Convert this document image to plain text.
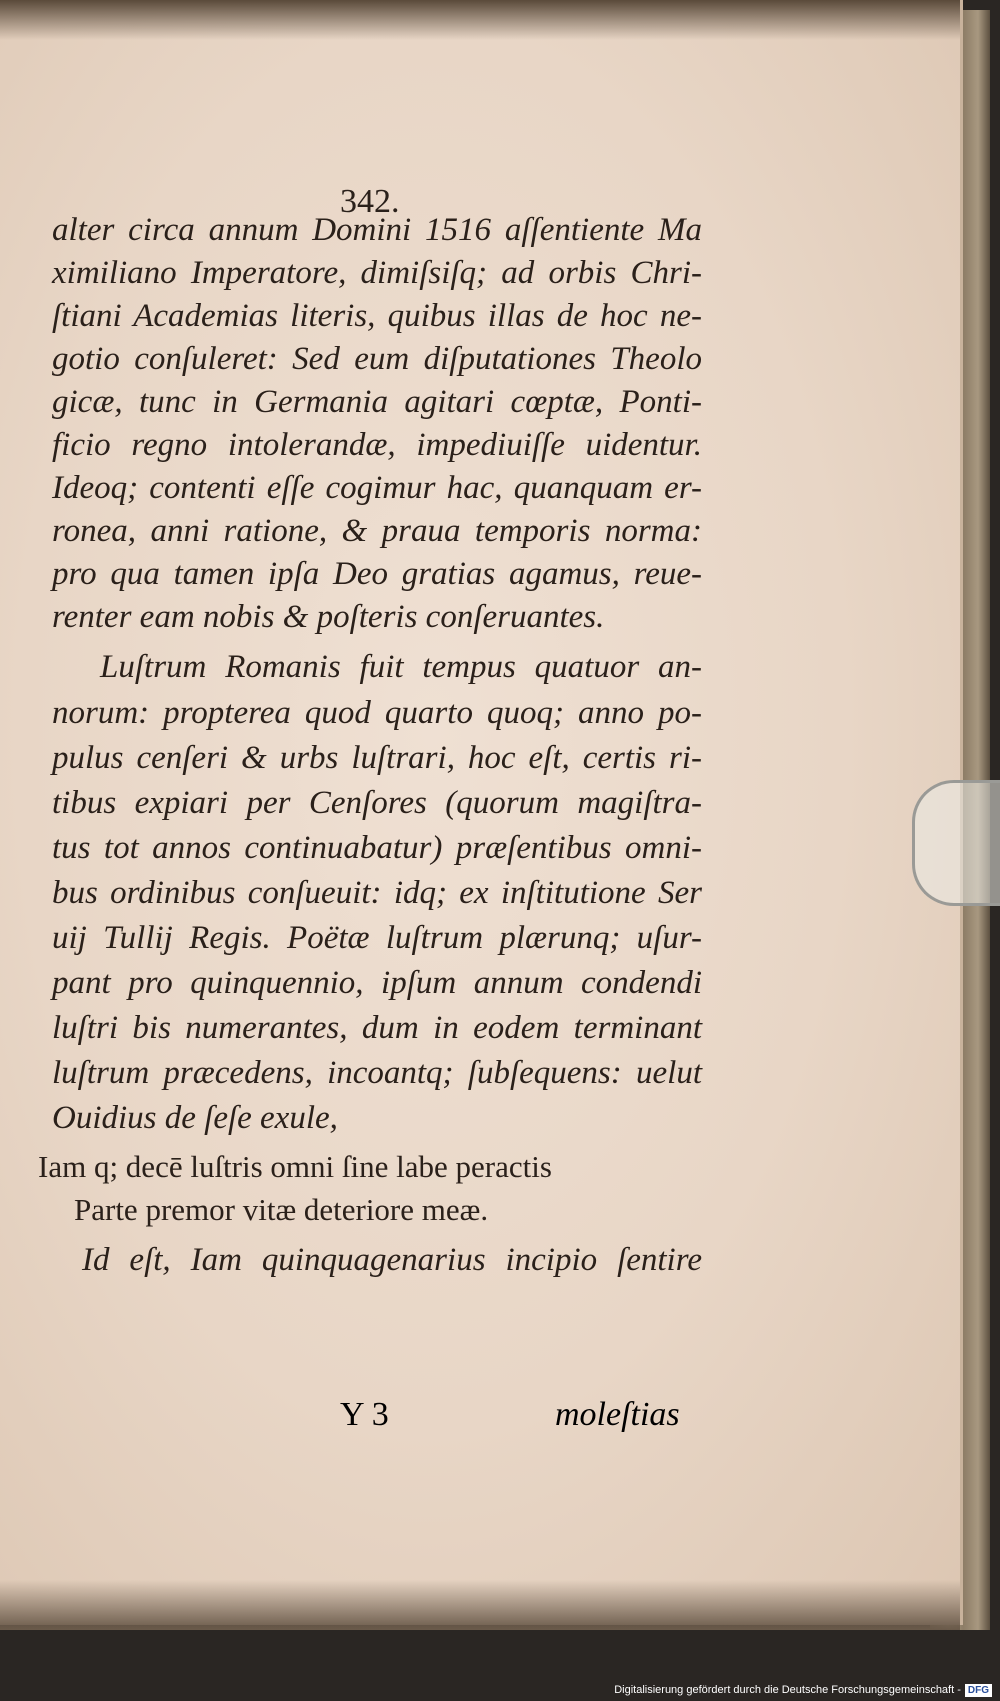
342.
alter circa annum Domini 1516 aſſentiente Ma
ximiliano Imperatore, dimiſsiſq; ad orbis Chri-
ſtiani Academias literis, quibus illas de hoc ne-
gotio conſuleret: Sed eum diſputationes Theolo
gicæ, tunc in Germania agitari cœptæ, Ponti-
ficio regno intolerandæ, impediuiſſe uidentur.
Ideoq; contenti eſſe cogimur hac, quanquam er-
ronea, anni ratione, & praua temporis norma:
pro qua tamen ipſa Deo gratias agamus, reue-
renter eam nobis & poſteris conſeruantes.
Luſtrum Romanis fuit tempus quatuor an-
norum: propterea quod quarto quoq; anno po-
pulus cenſeri & urbs luſtrari, hoc eſt, certis ri-
tibus expiari per Cenſores (quorum magiſtra-
tus tot annos continuabatur) præſentibus omni-
bus ordinibus conſueuit: idq; ex inſtitutione Ser
uij Tullij Regis. Poëtæ luſtrum plærunq; uſur-
pant pro quinquennio, ipſum annum condendi
luſtri bis numerantes, dum in eodem terminant
luſtrum præcedens, incoantq; ſubſequens: uelut
Ouidius de ſeſe exule,
Iam q; decē luſtris omni ſine labe peractis
Parte premor vitæ deteriore meæ.
Id eſt, Iam quinquagenarius incipio ſentire
Y 3	moleſtias
Digitalisierung gefördert durch die Deutsche Forschungsgemeinschaft - DFG
